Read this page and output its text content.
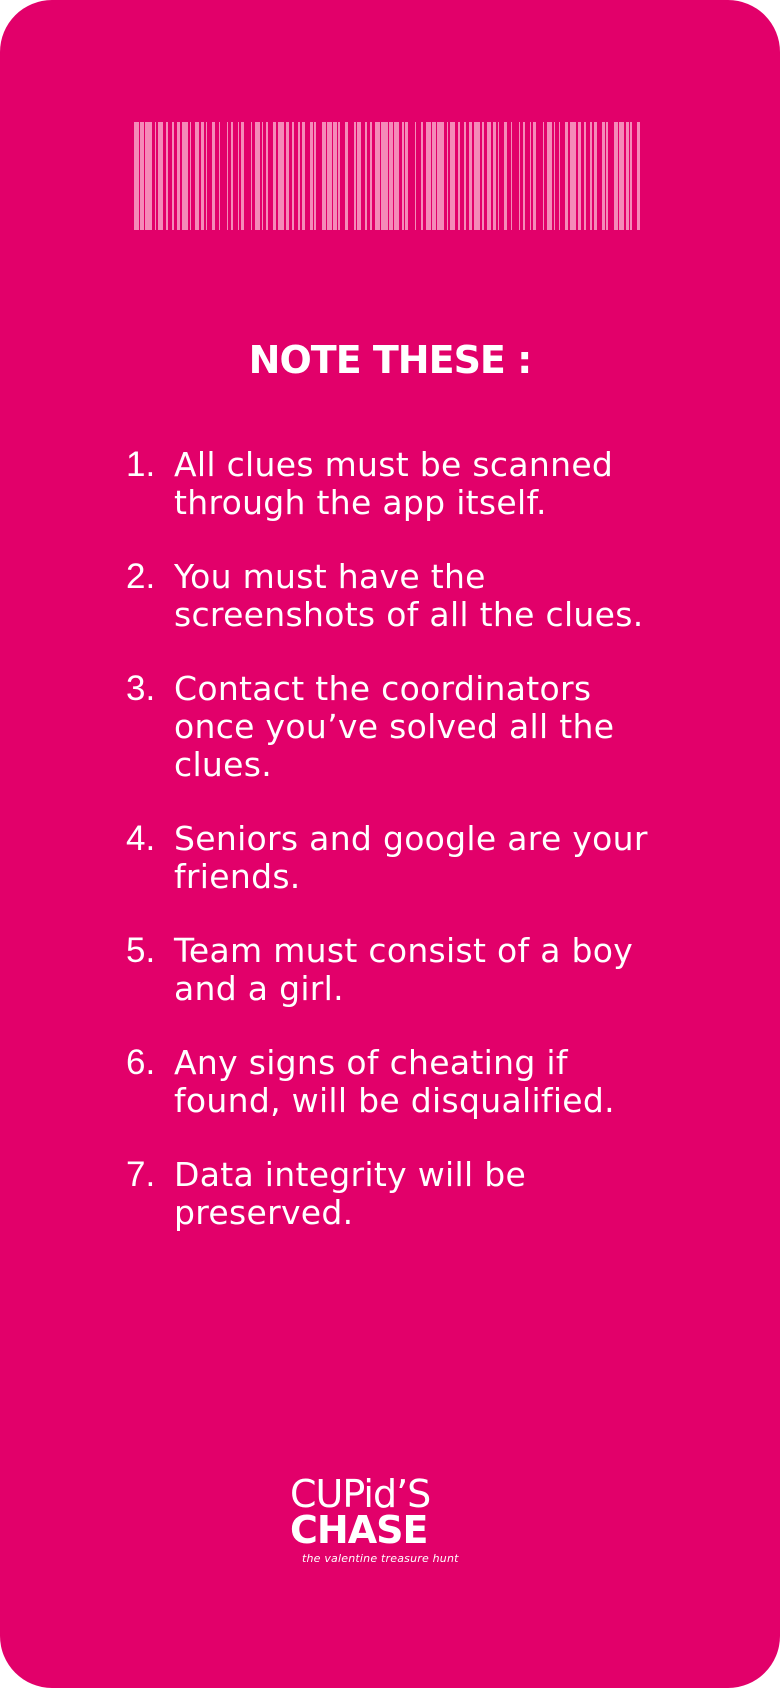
NOTE THESE :
1. All clues must be scanned through the app itself.
2. You must have the screenshots of all the clues.
3. Contact the coordinators once you’ve solved all the clues.
4. Seniors and google are your friends.
5. Team must consist of a boy and a girl.
6. Any signs of cheating if found, will be disqualified.
7. Data integrity will be preserved.
CUPid’S
CHASE
the valentine treasure hunt
